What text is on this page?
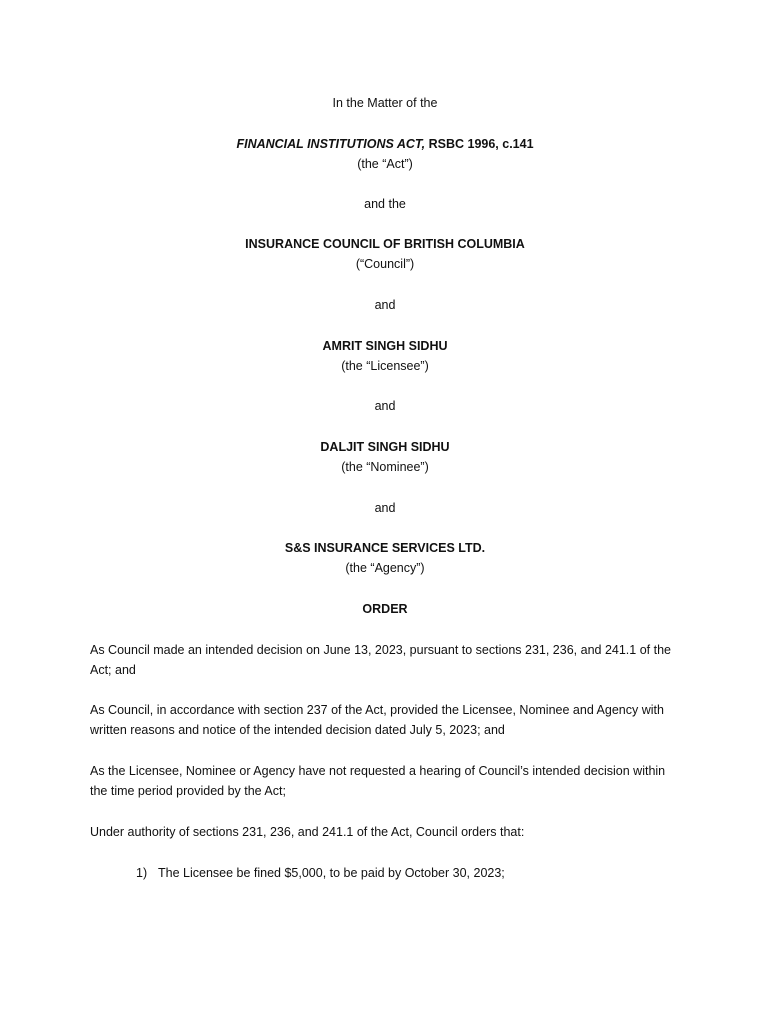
In the Matter of the
FINANCIAL INSTITUTIONS ACT, RSBC 1996, c.141
(the “Act”)
and the
INSURANCE COUNCIL OF BRITISH COLUMBIA
(“Council”)
and
AMRIT SINGH SIDHU
(the “Licensee”)
and
DALJIT SINGH SIDHU
(the “Nominee”)
and
S&S INSURANCE SERVICES LTD.
(the “Agency”)
ORDER
As Council made an intended decision on June 13, 2023, pursuant to sections 231, 236, and 241.1 of the
Act; and
As Council, in accordance with section 237 of the Act, provided the Licensee, Nominee and Agency with
written reasons and notice of the intended decision dated July 5, 2023; and
As the Licensee, Nominee or Agency have not requested a hearing of Council’s intended decision within
the time period provided by the Act;
Under authority of sections 231, 236, and 241.1 of the Act, Council orders that:
1) The Licensee be fined $5,000, to be paid by October 30, 2023;
